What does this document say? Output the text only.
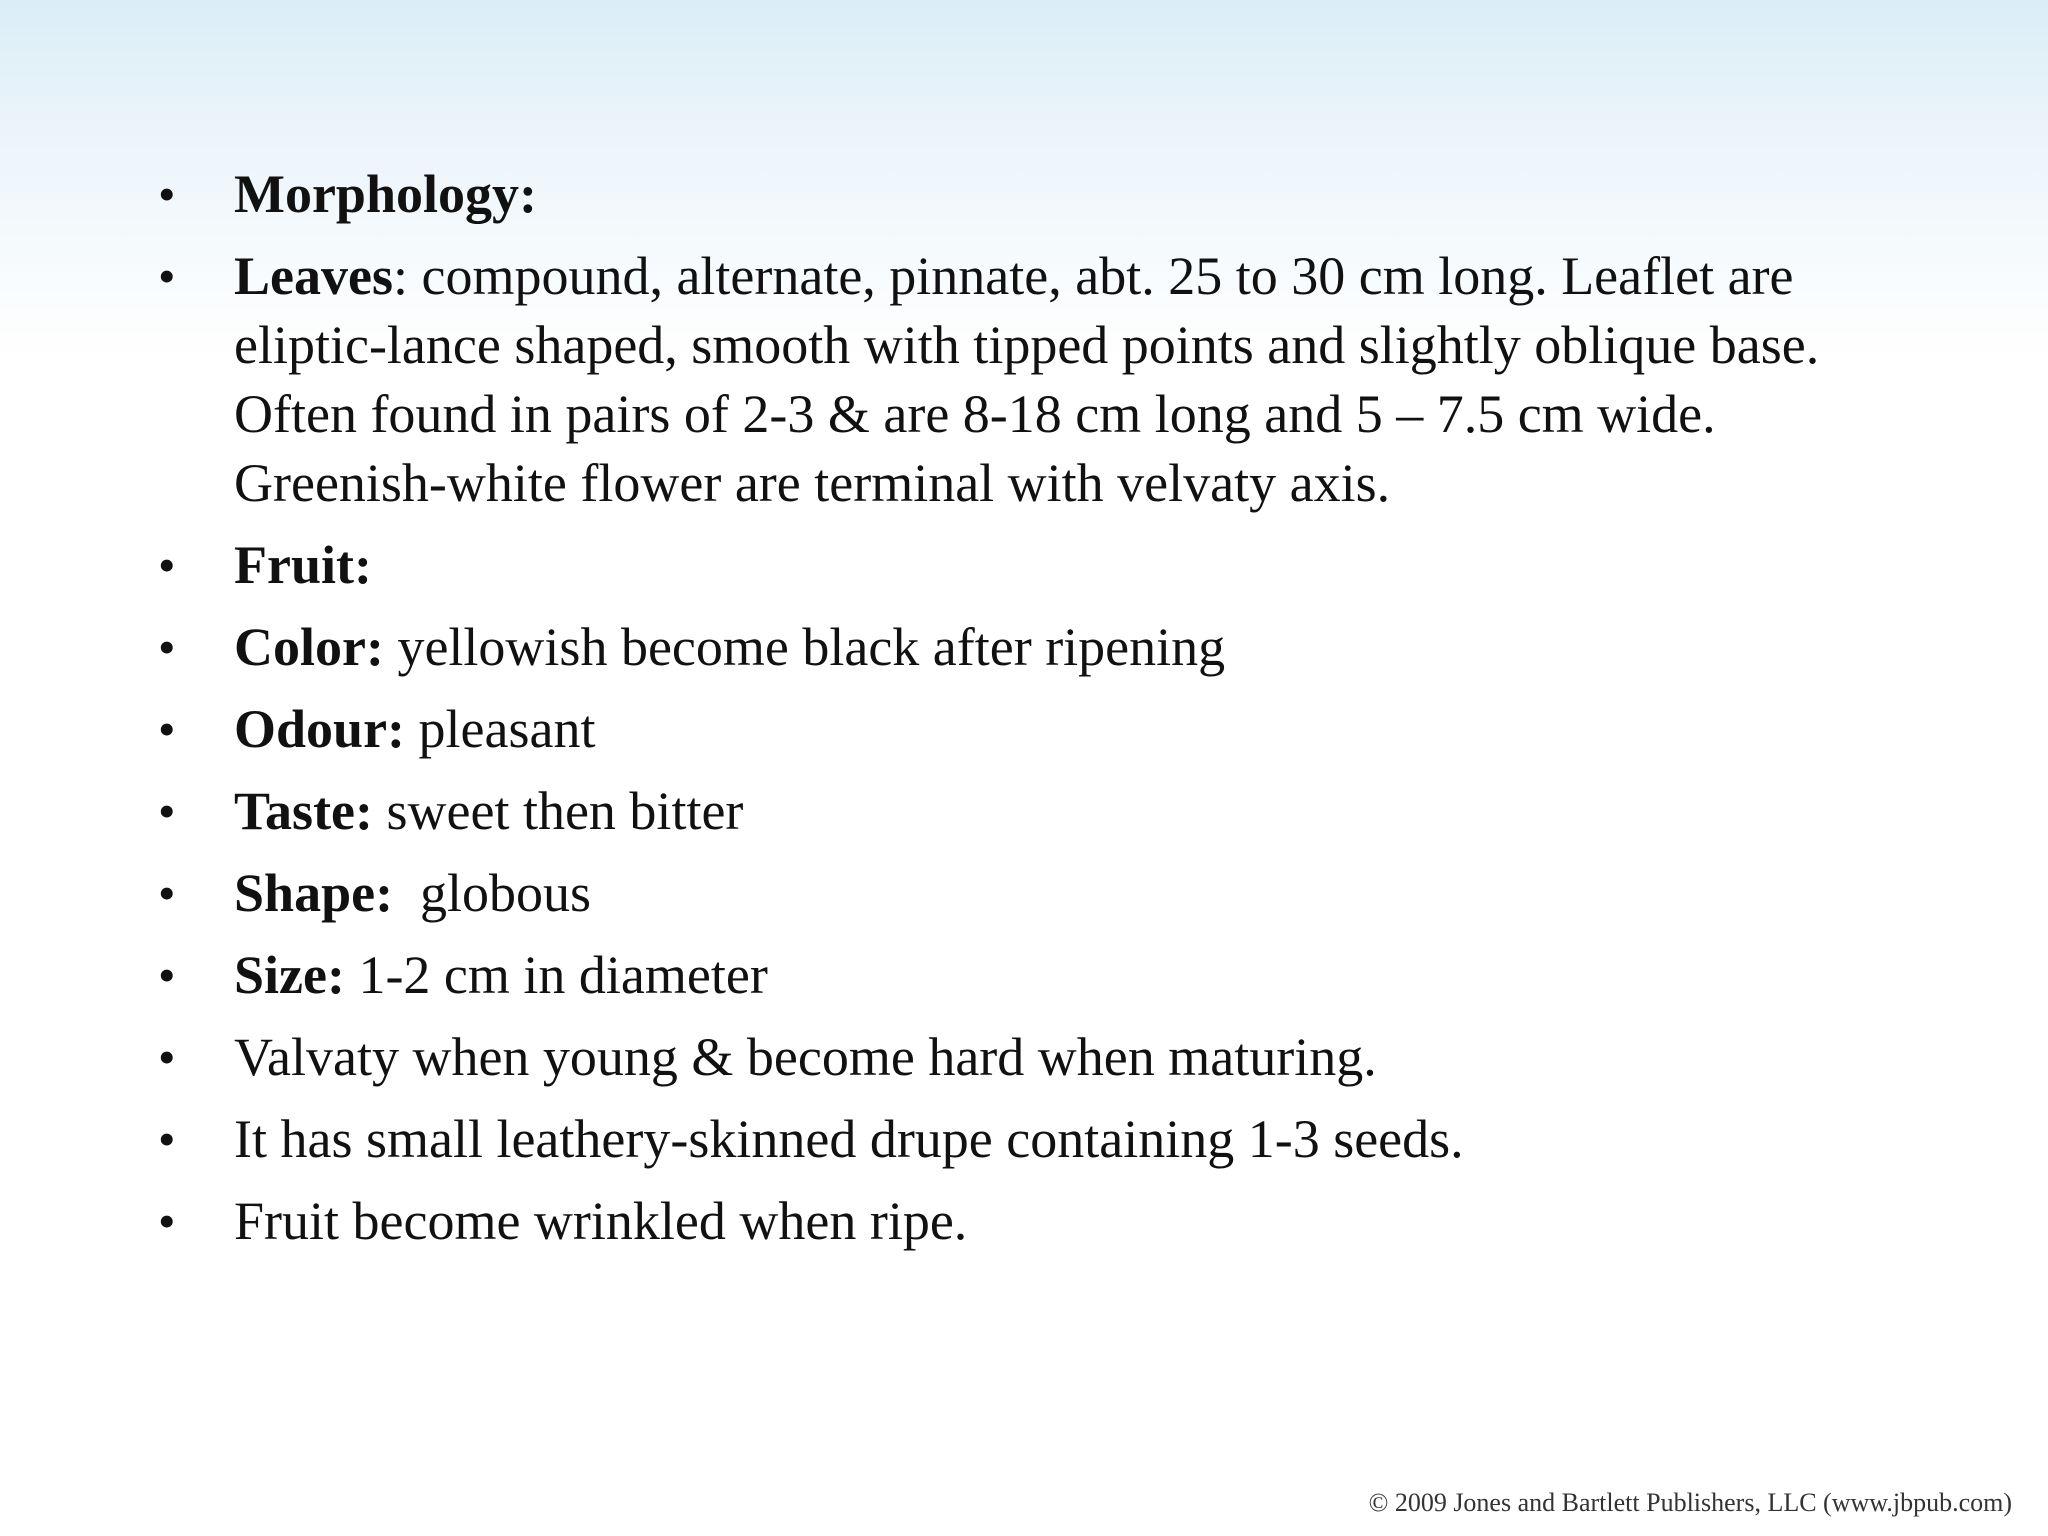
•	Morphology:
•	Leaves: compound, alternate, pinnate, abt. 25 to 30 cm long. Leaflet are eliptic-lance shaped, smooth with tipped points and slightly oblique base. Often found in pairs of 2-3 & are 8-18 cm long and 5 – 7.5 cm wide. Greenish-white flower are terminal with velvaty axis.
•	Fruit:
•	Color: yellowish become black after ripening
•	Odour: pleasant
•	Taste: sweet then bitter
•	Shape:  globous
•	Size: 1-2 cm in diameter
•	Valvaty when young & become hard when maturing.
•	It has small leathery-skinned drupe containing 1-3 seeds.
•	Fruit become wrinkled when ripe.
© 2009 Jones and Bartlett Publishers, LLC (www.jbpub.com)
